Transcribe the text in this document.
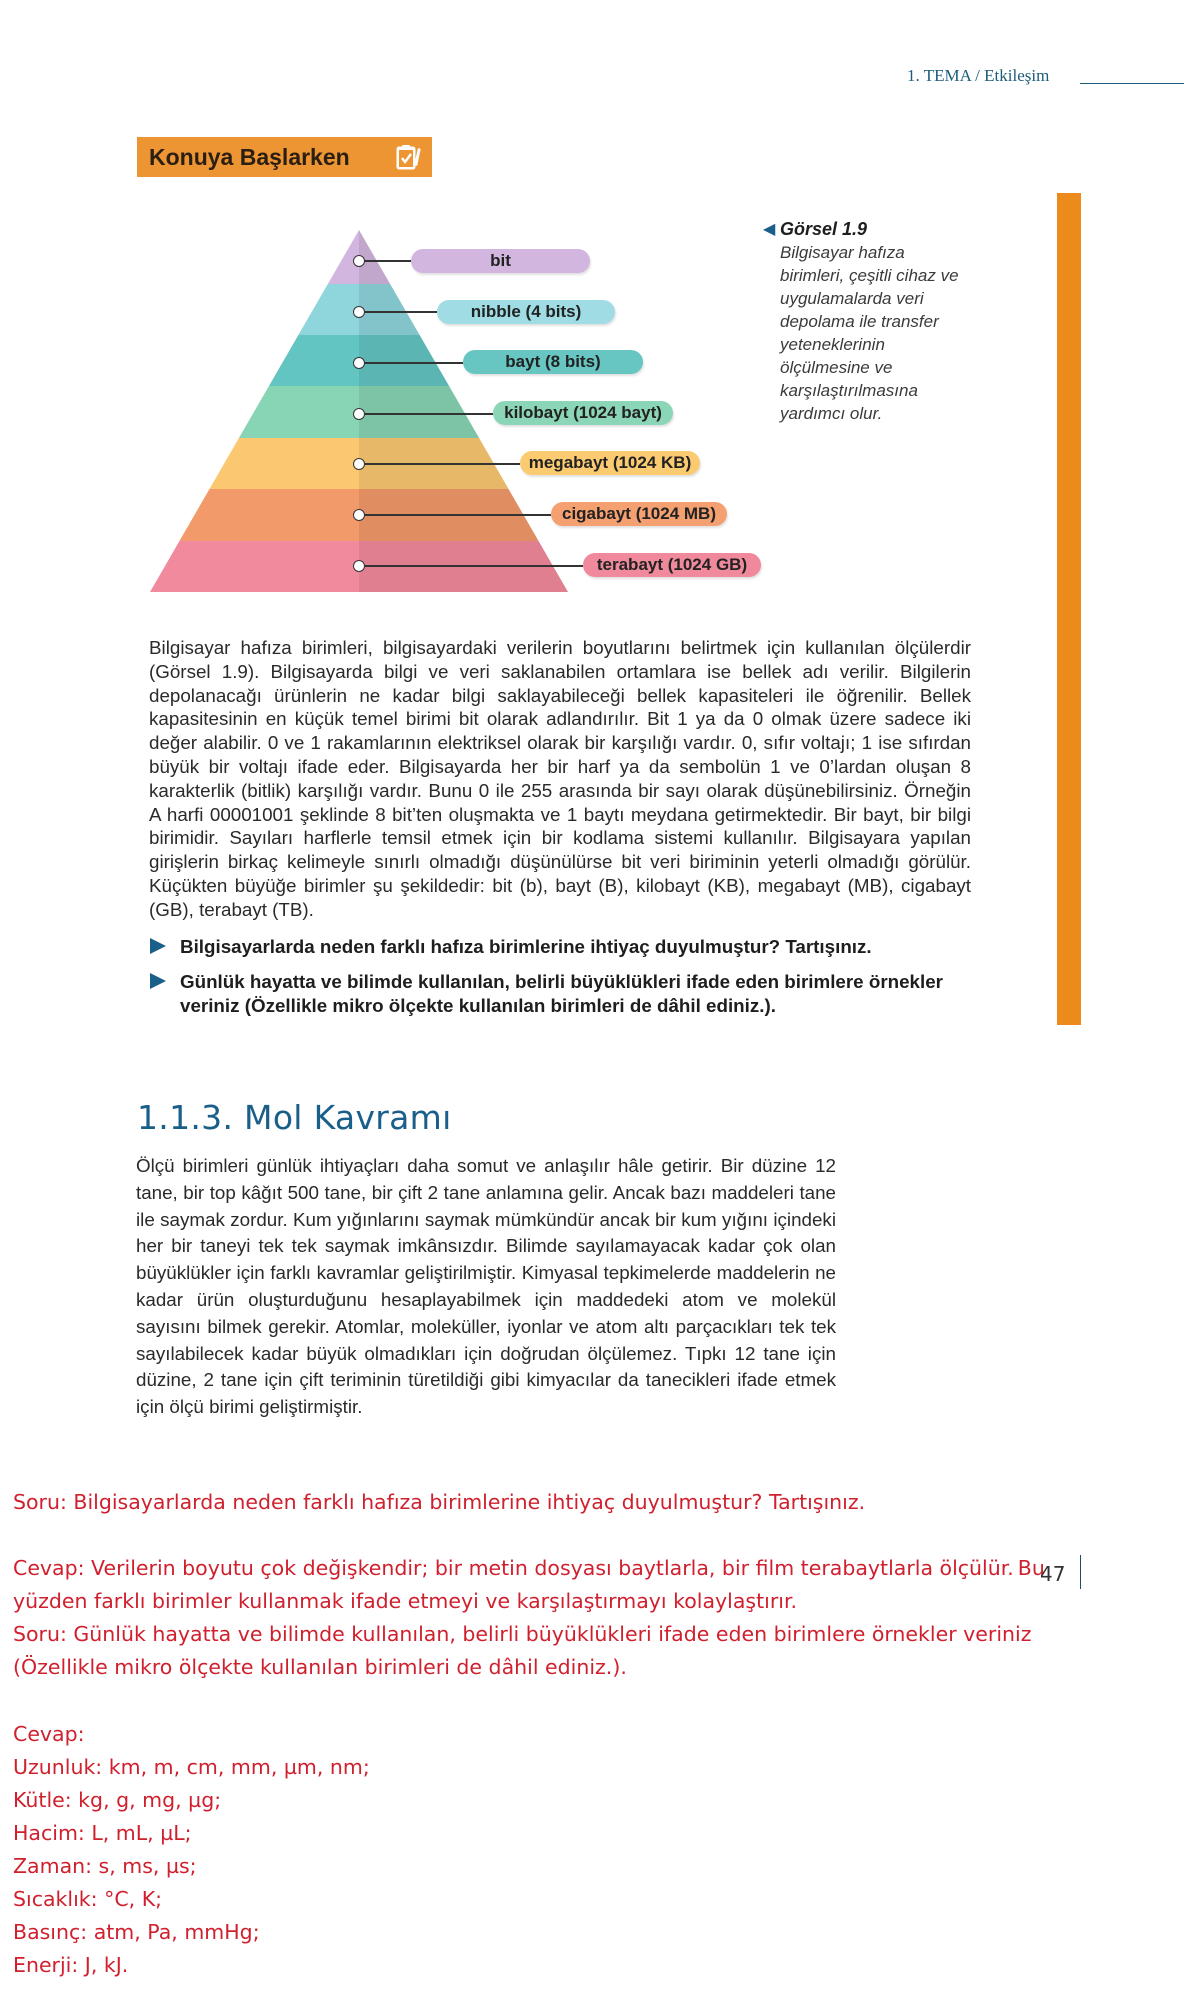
1. TEMA / Etkileşim
Konuya Başlarken
bit
nibble (4 bits)
bayt (8 bits)
kilobayt (1024 bayt)
megabayt (1024 KB)
cigabayt (1024 MB)
terabayt (1024 GB)
◀ Görsel 1.9
Bilgisayar hafıza birimleri, çeşitli cihaz ve uygulamalarda veri depolama ile transfer yeteneklerinin ölçülmesine ve karşılaştırılmasına yardımcı olur.
Bilgisayar hafıza birimleri, bilgisayardaki verilerin boyutlarını belirtmek için kullanılan ölçülerdir (Görsel 1.9). Bilgisayarda bilgi ve veri saklanabilen ortamlara ise bellek adı verilir. Bilgilerin depolanacağı ürünlerin ne kadar bilgi saklayabileceği bellek kapasiteleri ile öğrenilir. Bellek kapasitesinin en küçük temel birimi bit olarak adlandırılır. Bit 1 ya da 0 olmak üzere sadece iki değer alabilir. 0 ve 1 rakamlarının elektriksel olarak bir karşılığı vardır. 0, sıfır voltajı; 1 ise sıfırdan büyük bir voltajı ifade eder. Bilgisayarda her bir harf ya da sembolün 1 ve 0’lardan oluşan 8 karakterlik (bitlik) karşılığı vardır. Bunu 0 ile 255 arasında bir sayı olarak düşünebilirsiniz. Örneğin A harfi 00001001 şeklinde 8 bit’ten oluşmakta ve 1 baytı meydana getirmektedir. Bir bayt, bir bilgi birimidir. Sayıları harflerle temsil etmek için bir kodlama sistemi kullanılır. Bilgisayara yapılan girişlerin birkaç kelimeyle sınırlı olmadığı düşünülürse bit veri biriminin yeterli olmadığı görülür. Küçükten büyüğe birimler şu şekildedir: bit (b), bayt (B), kilobayt (KB), megabayt (MB), cigabayt (GB), terabayt (TB).
Bilgisayarlarda neden farklı hafıza birimlerine ihtiyaç duyulmuştur? Tartışınız.
Günlük hayatta ve bilimde kullanılan, belirli büyüklükleri ifade eden birimlere örnekler veriniz (Özellikle mikro ölçekte kullanılan birimleri de dâhil ediniz.).
1.1.3. Mol Kavramı
Ölçü birimleri günlük ihtiyaçları daha somut ve anlaşılır hâle getirir. Bir düzine 12 tane, bir top kâğıt 500 tane, bir çift 2 tane anlamına gelir. Ancak bazı maddeleri tane ile saymak zordur. Kum yığınlarını saymak mümkündür ancak bir kum yığını içindeki her bir taneyi tek tek saymak imkânsızdır. Bilimde sayılamayacak kadar çok olan büyüklükler için farklı kavramlar geliştirilmiştir. Kimyasal tepkimelerde maddelerin ne kadar ürün oluşturduğunu hesaplayabilmek için maddedeki atom ve molekül sayısını bilmek gerekir. Atomlar, moleküller, iyonlar ve atom altı parçacıkları tek tek sayılabilecek kadar büyük olmadıkları için doğrudan ölçülemez. Tıpkı 12 tane için düzine, 2 tane için çift teriminin türetildiği gibi kimyacılar da tanecikleri ifade etmek için ölçü birimi geliştirmiştir.
Soru: Bilgisayarlarda neden farklı hafıza birimlerine ihtiyaç duyulmuştur? Tartışınız.
Cevap: Verilerin boyutu çok değişkendir; bir metin dosyası baytlarla, bir film terabaytlarla ölçülür. Bu
47
yüzden farklı birimler kullanmak ifade etmeyi ve karşılaştırmayı kolaylaştırır.
Soru: Günlük hayatta ve bilimde kullanılan, belirli büyüklükleri ifade eden birimlere örnekler veriniz
(Özellikle mikro ölçekte kullanılan birimleri de dâhil ediniz.).
Cevap:
Uzunluk: km, m, cm, mm, µm, nm;
Kütle: kg, g, mg, µg;
Hacim: L, mL, µL;
Zaman: s, ms, µs;
Sıcaklık: °C, K;
Basınç: atm, Pa, mmHg;
Enerji: J, kJ.
